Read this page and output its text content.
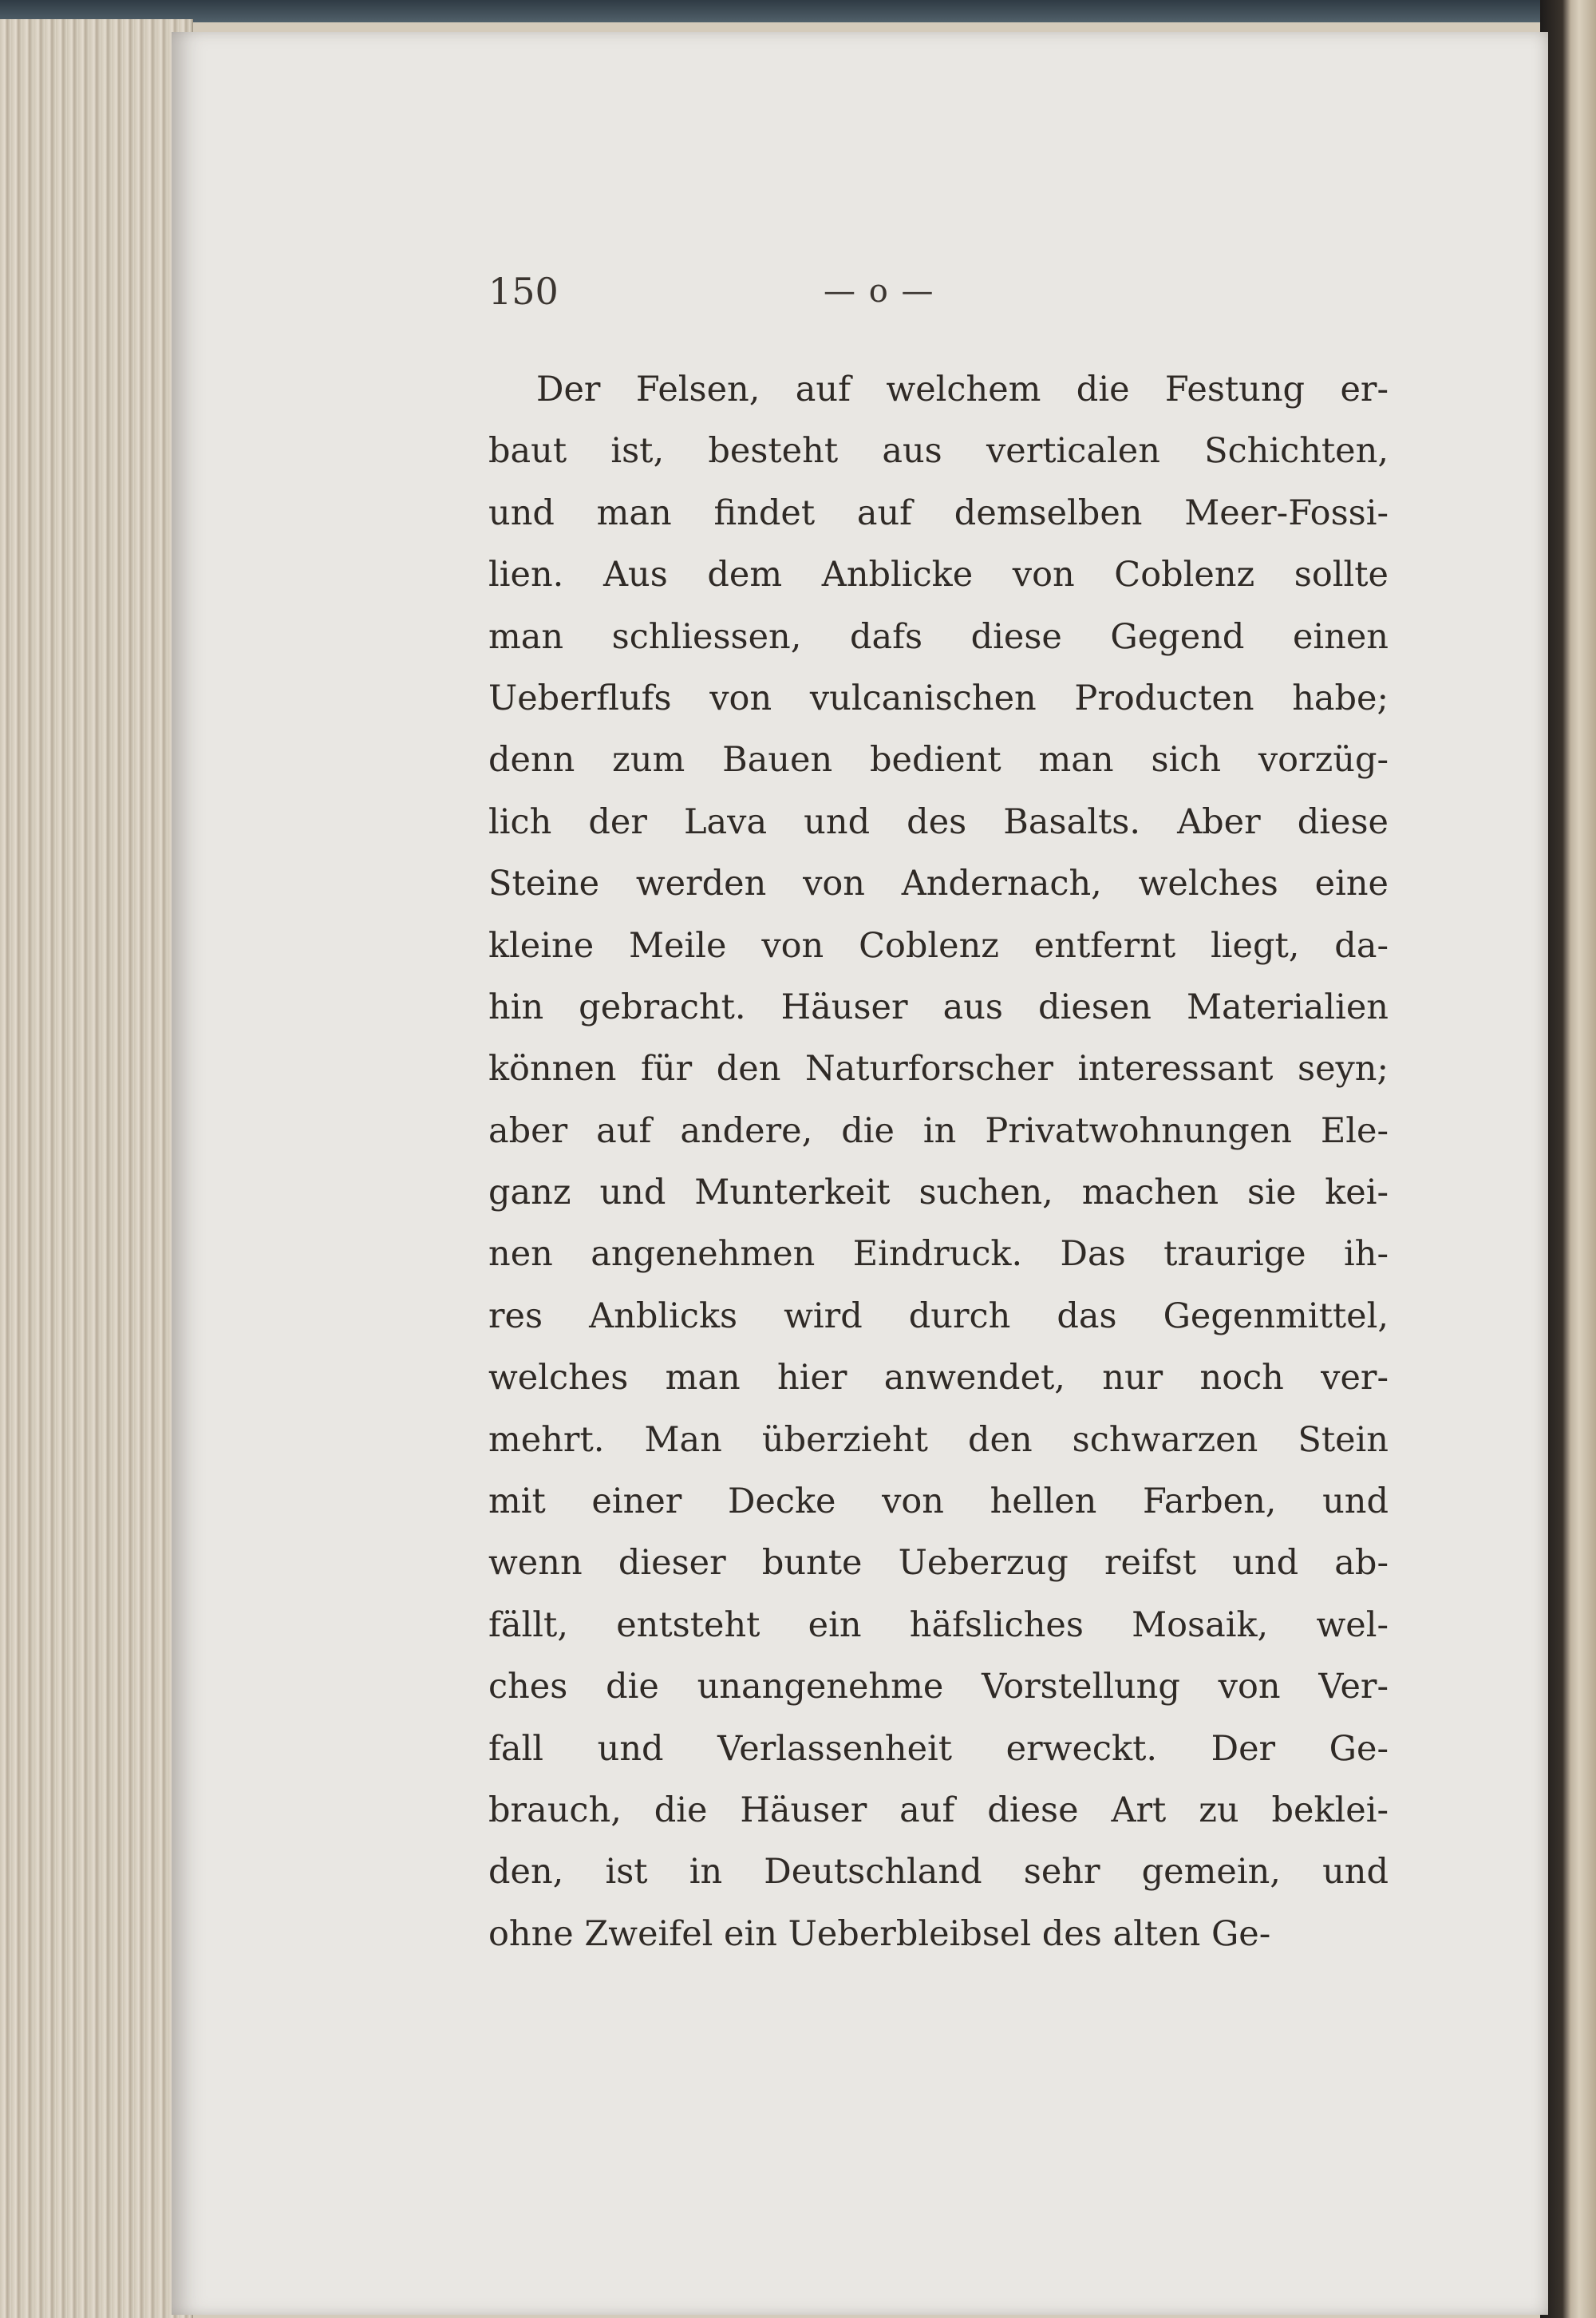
150	— o —
Der Felsen, auf welchem die Festung er-
baut ist, besteht aus verticalen Schichten,
und man findet auf demselben Meer-Fossi-
lien. Aus dem Anblicke von Coblenz sollte
man schliessen, dafs diese Gegend einen
Ueberflufs von vulcanischen Producten habe;
denn zum Bauen bedient man sich vorzüg-
lich der Lava und des Basalts. Aber diese
Steine werden von Andernach, welches eine
kleine Meile von Coblenz entfernt liegt, da-
hin gebracht. Häuser aus diesen Materialien
können für den Naturforscher interessant seyn;
aber auf andere, die in Privatwohnungen Ele-
ganz und Munterkeit suchen, machen sie kei-
nen angenehmen Eindruck. Das traurige ih-
res Anblicks wird durch das Gegenmittel,
welches man hier anwendet, nur noch ver-
mehrt. Man überzieht den schwarzen Stein
mit einer Decke von hellen Farben, und
wenn dieser bunte Ueberzug reifst und ab-
fällt, entsteht ein häfsliches Mosaik, wel-
ches die unangenehme Vorstellung von Ver-
fall und Verlassenheit erweckt. Der Ge-
brauch, die Häuser auf diese Art zu beklei-
den, ist in Deutschland sehr gemein, und
ohne Zweifel ein Ueberbleibsel des alten Ge-
